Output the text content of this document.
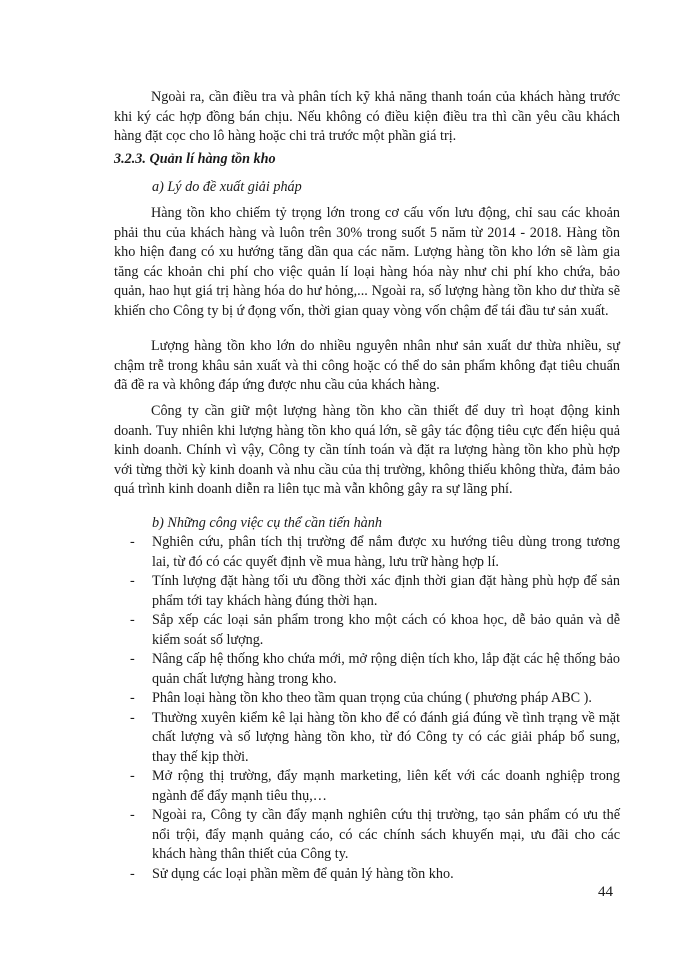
Ngoài ra, cần điều tra và phân tích kỹ khả năng thanh toán của khách hàng trước khi ký các hợp đồng bán chịu. Nếu không có điều kiện điều tra thì cần yêu cầu khách hàng đặt cọc cho lô hàng hoặc chi trả trước một phần giá trị.

3.2.3. Quản lí hàng tồn kho

a) Lý do đề xuất giải pháp

Hàng tồn kho chiếm tỷ trọng lớn trong cơ cấu vốn lưu động, chỉ sau các khoản phải thu của khách hàng và luôn trên 30% trong suốt 5 năm từ 2014 - 2018. Hàng tồn kho hiện đang có xu hướng tăng dần qua các năm. Lượng hàng tồn kho lớn sẽ làm gia tăng các khoản chi phí cho việc quản lí loại hàng hóa này như chi phí kho chứa, bảo quản, hao hụt giá trị hàng hóa do hư hỏng,... Ngoài ra, số lượng hàng tồn kho dư thừa sẽ khiến cho Công ty bị ứ đọng vốn, thời gian quay vòng vốn chậm để tái đầu tư sản xuất.

Lượng hàng tồn kho lớn do nhiều nguyên nhân như sản xuất dư thừa nhiều, sự chậm trễ trong khâu sản xuất và thi công hoặc có thể do sản phẩm không đạt tiêu chuẩn đã đề ra và không đáp ứng được nhu cầu của khách hàng.

Công ty cần giữ một lượng hàng tồn kho cần thiết để duy trì hoạt động kinh doanh. Tuy nhiên khi lượng hàng tồn kho quá lớn, sẽ gây tác động tiêu cực đến hiệu quả kinh doanh. Chính vì vậy, Công ty cần tính toán và đặt ra lượng hàng tồn kho phù hợp với từng thời kỳ kinh doanh và nhu cầu của thị trường, không thiếu không thừa, đảm bảo quá trình kinh doanh diễn ra liên tục mà vẫn không gây ra sự lãng phí.

b) Những công việc cụ thể cần tiến hành

- Nghiên cứu, phân tích thị trường để nắm được xu hướng tiêu dùng trong tương lai, từ đó có các quyết định về mua hàng, lưu trữ hàng hợp lí.
- Tính lượng đặt hàng tối ưu đồng thời xác định thời gian đặt hàng phù hợp để sản phẩm tới tay khách hàng đúng thời hạn.
- Sắp xếp các loại sản phẩm trong kho một cách có khoa học, dễ bảo quản và dễ kiểm soát số lượng.
- Nâng cấp hệ thống kho chứa mới, mở rộng diện tích kho, lắp đặt các hệ thống bảo quản chất lượng hàng trong kho.
- Phân loại hàng tồn kho theo tầm quan trọng của chúng ( phương pháp ABC ).
- Thường xuyên kiểm kê lại hàng tồn kho để có đánh giá đúng về tình trạng về mặt chất lượng và số lượng hàng tồn kho, từ đó Công ty có các giải pháp bổ sung, thay thế kịp thời.
- Mở rộng thị trường, đẩy mạnh marketing, liên kết với các doanh nghiệp trong ngành để đẩy mạnh tiêu thụ,…
- Ngoài ra, Công ty cần đẩy mạnh nghiên cứu thị trường, tạo sản phẩm có ưu thế nổi trội, đẩy mạnh quảng cáo, có các chính sách khuyến mại, ưu đãi cho các khách hàng thân thiết của Công ty.
- Sử dụng các loại phần mềm để quản lý hàng tồn kho.
44
